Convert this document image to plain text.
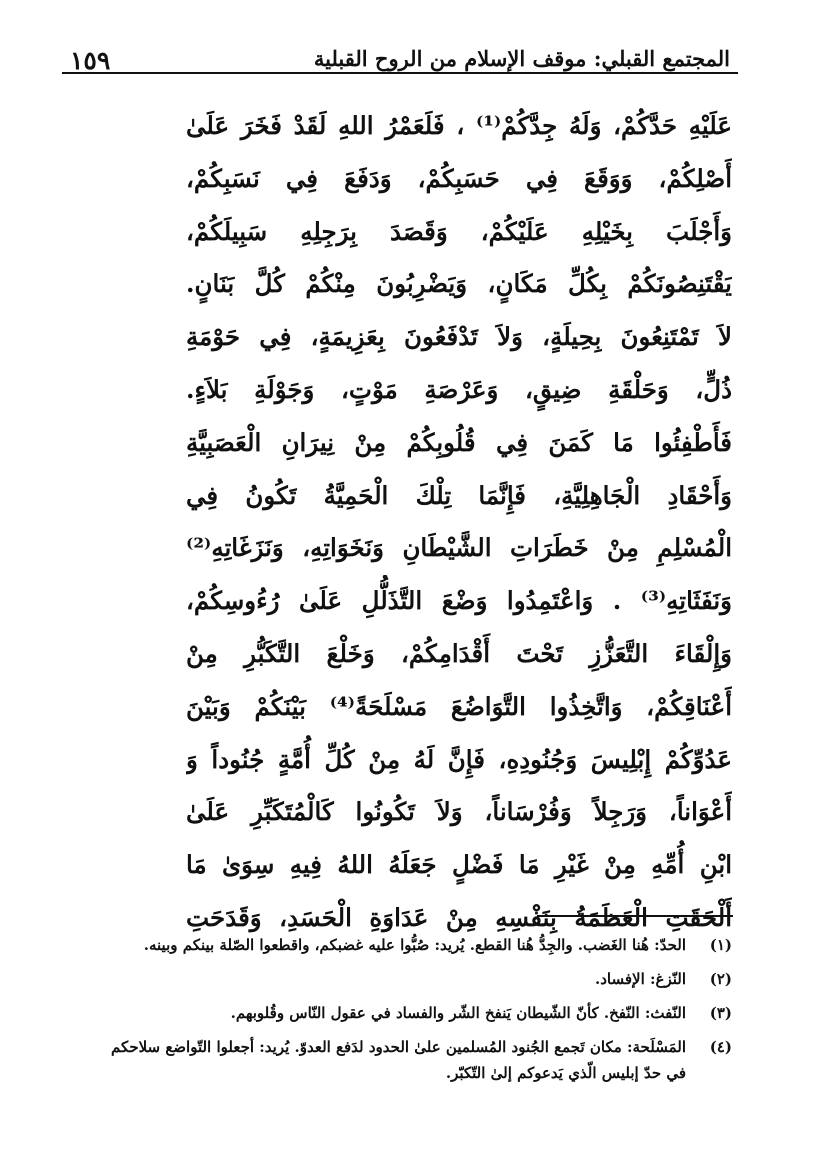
المجتمع القبلي: موقف الإسلام من الروح القبلية
١٥٩
عَلَيْهِ حَدَّكُمْ، وَلَهُ جِدَّكُمْ⁽¹⁾ ، فَلَعَمْرُ اللهِ لَقَدْ فَخَرَ عَلَىٰ
أَصْلِكُمْ، وَوَقَعَ فِي حَسَبِكُمْ، وَدَفَعَ فِي نَسَبِكُمْ،
وَأَجْلَبَ بِخَيْلِهِ عَلَيْكُمْ، وَقَصَدَ بِرَجِلِهِ سَبِيلَكُمْ،
يَقْتَنِصُونَكُمْ بِكُلِّ مَكَانٍ، وَيَضْرِبُونَ مِنْكُمْ كُلَّ بَنَانٍ.
لاَ تَمْتَنِعُونَ بِحِيلَةٍ، وَلاَ تَدْفَعُونَ بِعَزِيمَةٍ، فِي حَوْمَةِ
ذُلٍّ، وَحَلْقَةِ ضِيقٍ، وَعَرْصَةِ مَوْتٍ، وَجَوْلَةِ بَلاَءٍ.
فَأَطْفِئُوا مَا كَمَنَ فِي قُلُوبِكُمْ مِنْ نِيرَانِ الْعَصَبِيَّةِ
وَأَحْقَادِ الْجَاهِلِيَّةِ، فَإِنَّمَا تِلْكَ الْحَمِيَّةُ تَكُونُ فِي
الْمُسْلِمِ مِنْ خَطَرَاتِ الشَّيْطَانِ وَنَخَوَاتِهِ، وَنَزَغَاتِهِ⁽²⁾
وَنَفَثَاتِهِ⁽³⁾ . وَاعْتَمِدُوا وَضْعَ التَّذَلُّلِ عَلَىٰ رُءُوسِكُمْ،
وَإِلْقَاءَ التَّعَزُّزِ تَحْتَ أَقْدَامِكُمْ، وَخَلْعَ التَّكَبُّرِ مِنْ
أَعْنَاقِكُمْ، وَاتَّخِذُوا التَّوَاضُعَ مَسْلَحَةً⁽⁴⁾ بَيْنَكُمْ وَبَيْنَ
عَدُوِّكُمْ إِبْلِيسَ وَجُنُودِهِ، فَإِنَّ لَهُ مِنْ كُلِّ أُمَّةٍ جُنُوداً وَ
أَعْوَاناً، وَرَجِلاً وَفُرْسَاناً، وَلاَ تَكُونُوا كَالْمُتَكَبِّرِ عَلَىٰ
ابْنِ أُمِّهِ مِنْ غَيْرِ مَا فَضْلٍ جَعَلَهُ اللهُ فِيهِ سِوَىٰ مَا
أَلْحَقَتِ الْعَظَمَةُ بِنَفْسِهِ مِنْ عَدَاوَةِ الْحَسَدِ، وَقَدَحَتِ
(١)
الحدّ: هُنا الغَضب. والجِدُّ هُنا القطع. يُريد: صُبُّوا عليه غضبكم، واقطعوا الصّلة بينكم وبينه.
(٢)
النّزغ: الإفساد.
(٣)
النّفث: النّفخ. كأنّ الشّيطان يَنفخ الشّر والفساد في عقول النّاس وقُلوبهم.
(٤)
المَسْلَحة: مكان تَجمع الجُنود المُسلمين علىٰ الحدود لدَفع العدوّ. يُريد: أجعلوا التّواضع سلاحكم
في حدّ إبليس الّذي يَدعوكم إلىٰ التّكبّر.
